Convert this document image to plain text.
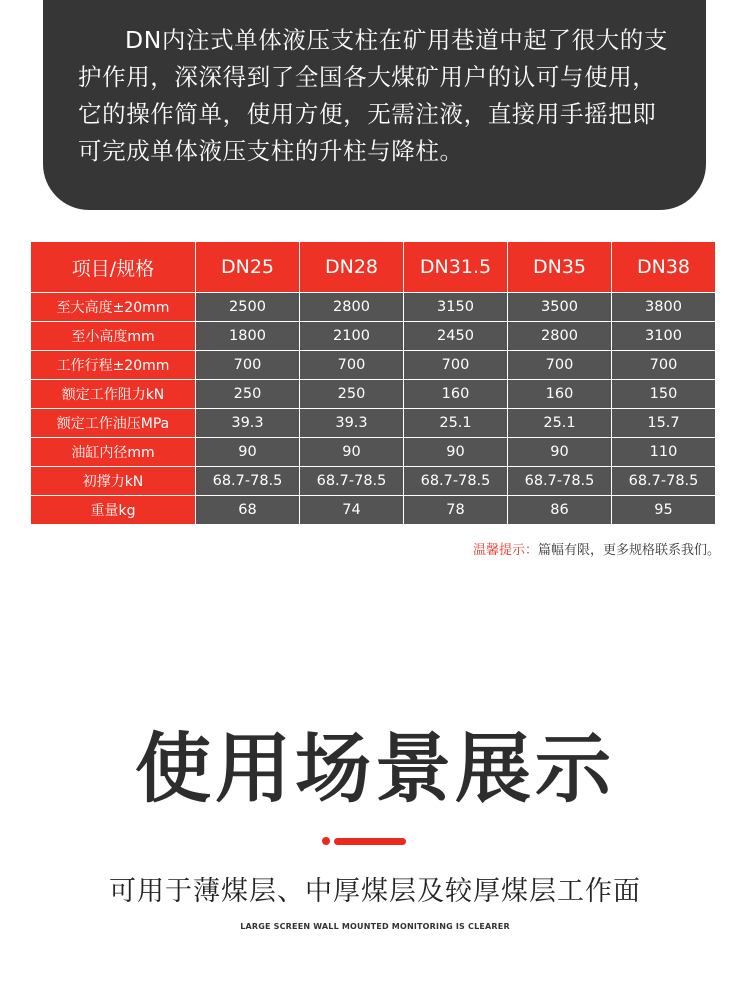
DN内注式单体液压支柱在矿用巷道中起了很大的支护作用，深深得到了全国各大煤矿用户的认可与使用，它的操作简单，使用方便，无需注液，直接用手摇把即可完成单体液压支柱的升柱与降柱。

项目/规格	DN25	DN28	DN31.5	DN35	DN38
至大高度±20mm	2500	2800	3150	3500	3800
至小高度mm	1800	2100	2450	2800	3100
工作行程±20mm	700	700	700	700	700
额定工作阻力kN	250	250	160	160	150
额定工作油压MPa	39.3	39.3	25.1	25.1	15.7
油缸内径mm	90	90	90	90	110
初撑力kN	68.7-78.5	68.7-78.5	68.7-78.5	68.7-78.5	68.7-78.5
重量kg	68	74	78	86	95
温馨提示：篇幅有限，更多规格联系我们。
使用场景展示
可用于薄煤层、中厚煤层及较厚煤层工作面
LARGE SCREEN WALL MOUNTED MONITORING IS CLEARER
